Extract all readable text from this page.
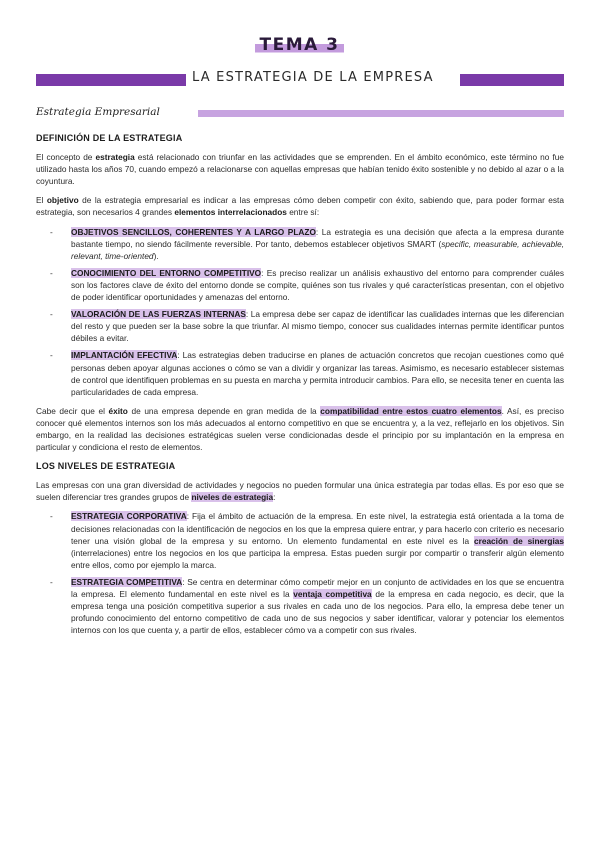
TEMA 3
LA ESTRATEGIA DE LA EMPRESA
Estrategia Empresarial
DEFINICIÓN DE LA ESTRATEGIA

El concepto de estrategia está relacionado con triunfar en las actividades que se emprenden. En el ámbito económico, este término no fue utilizado hasta los años 70, cuando empezó a relacionarse con aquellas empresas que habían tenido éxito sostenible y no debido al azar o a la coyuntura.

El objetivo de la estrategia empresarial es indicar a las empresas cómo deben competir con éxito, sabiendo que, para poder formar esta estrategia, son necesarios 4 grandes elementos interrelacionados entre sí:

- OBJETIVOS SENCILLOS, COHERENTES Y A LARGO PLAZO: La estrategia es una decisión que afecta a la empresa durante bastante tiempo, no siendo fácilmente reversible. Por tanto, debemos establecer objetivos SMART (specific, measurable, achievable, relevant, time-oriented).
- CONOCIMIENTO DEL ENTORNO COMPETITIVO: Es preciso realizar un análisis exhaustivo del entorno para comprender cuáles son los factores clave de éxito del entorno donde se compite, quiénes son tus rivales y qué características presentan, con el objetivo de poder identificar oportunidades y amenazas del entorno.
- VALORACIÓN DE LAS FUERZAS INTERNAS: La empresa debe ser capaz de identificar las cualidades internas que les diferencian del resto y que pueden ser la base sobre la que triunfar. Al mismo tiempo, conocer sus cualidades internas permite identificar puntos débiles a evitar.
- IMPLANTACIÓN EFECTIVA: Las estrategias deben traducirse en planes de actuación concretos que recojan cuestiones como qué personas deben apoyar algunas acciones o cómo se van a dividir y organizar las tareas. Asimismo, es necesario establecer sistemas de control que identifiquen problemas en su puesta en marcha y permita introducir cambios. Para ello, se necesita tener en cuenta las particularidades de cada empresa.

Cabe decir que el éxito de una empresa depende en gran medida de la compatibilidad entre estos cuatro elementos. Así, es preciso conocer qué elementos internos son los más adecuados al entorno competitivo en que se encuentra y, a la vez, reflejarlo en los objetivos. Sin embargo, en la realidad las decisiones estratégicas suelen verse condicionadas desde el principio por su implantación en la empresa en particular y condiciona el resto de elementos.

LOS NIVELES DE ESTRATEGIA

Las empresas con una gran diversidad de actividades y negocios no pueden formular una única estrategia par todas ellas. Es por eso que se suelen diferenciar tres grandes grupos de niveles de estrategia:

- ESTRATEGIA CORPORATIVA: Fija el ámbito de actuación de la empresa. En este nivel, la estrategia está orientada a la toma de decisiones relacionadas con la identificación de negocios en los que la empresa quiere entrar, y para hacerlo con criterio es necesario tener una visión global de la empresa y su entorno. Un elemento fundamental en este nivel es la creación de sinergias (interrelaciones) entre los negocios en los que participa la empresa. Estas pueden surgir por compartir o transferir algún elemento entre ellos, como por ejemplo la marca.
- ESTRATEGIA COMPETITIVA: Se centra en determinar cómo competir mejor en un conjunto de actividades en los que se encuentra la empresa. El elemento fundamental en este nivel es la ventaja competitiva de la empresa en cada negocio, es decir, que la empresa tenga una posición competitiva superior a sus rivales en cada uno de los negocios. Para ello, la empresa debe tener un profundo conocimiento del entorno competitivo de cada uno de sus negocios y saber identificar, valorar y potenciar los elementos internos con los que cuenta y, a partir de ellos, establecer cómo va a competir con sus rivales.
